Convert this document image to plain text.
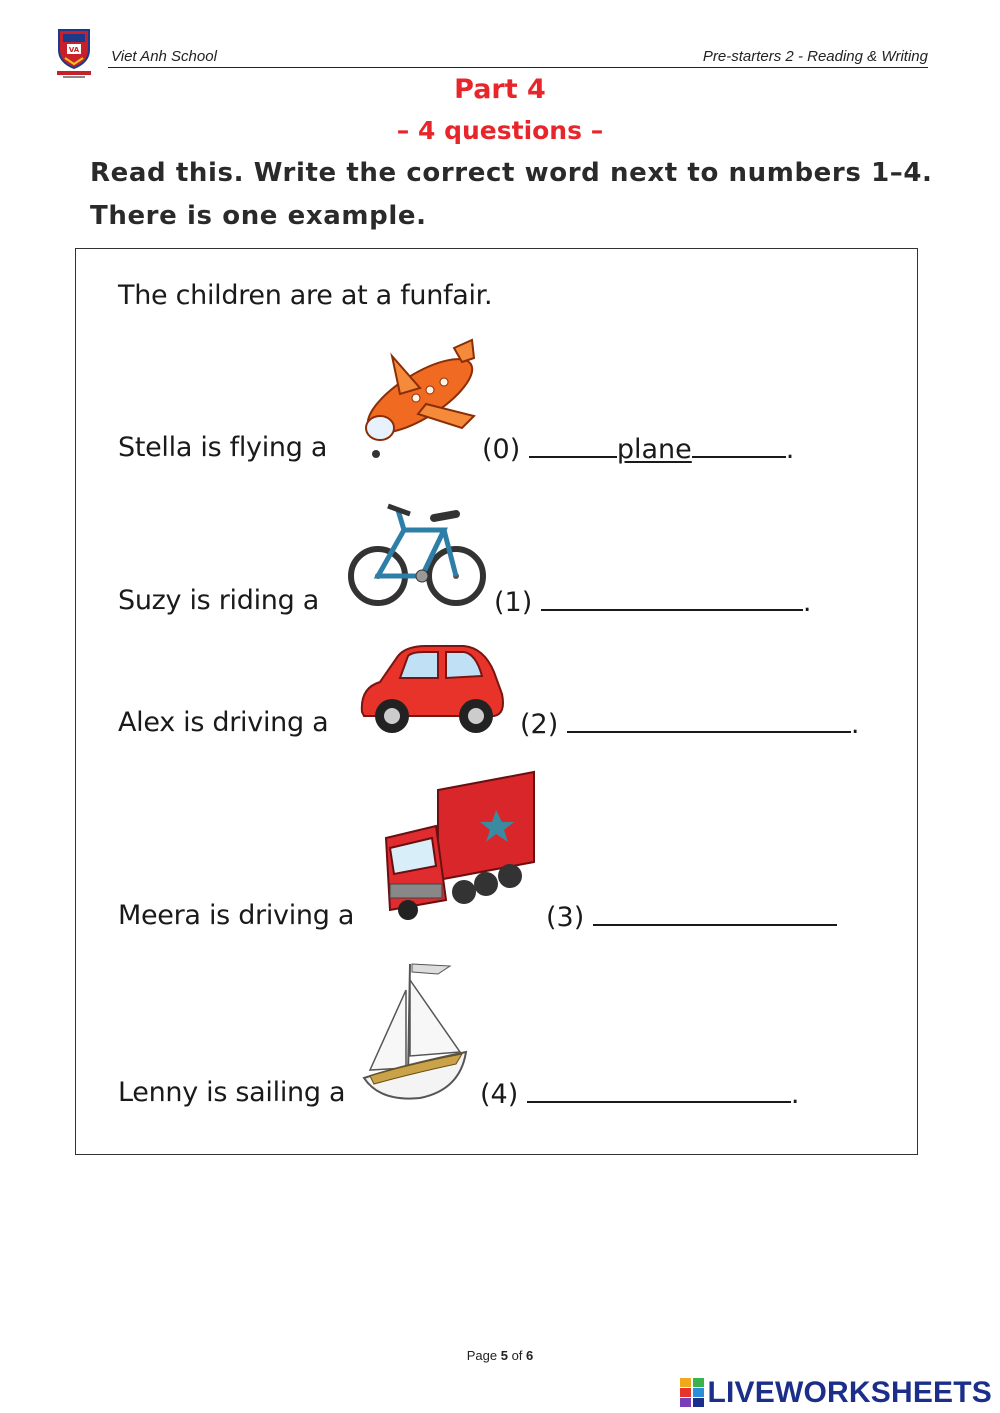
VA Viet Anh School	Pre-starters 2 - Reading & Writing
Part 4
– 4 questions –
Read this. Write the correct word next to numbers 1–4.
There is one example.
The children are at a funfair.
Stella is flying a	(0)	plane	.
Suzy is riding a	(1)	.
Alex is driving a	(2)	.
Meera is driving a	(3)
Lenny is sailing a	(4)	.
Page 5 of 6
LIVEWORKSHEETS
